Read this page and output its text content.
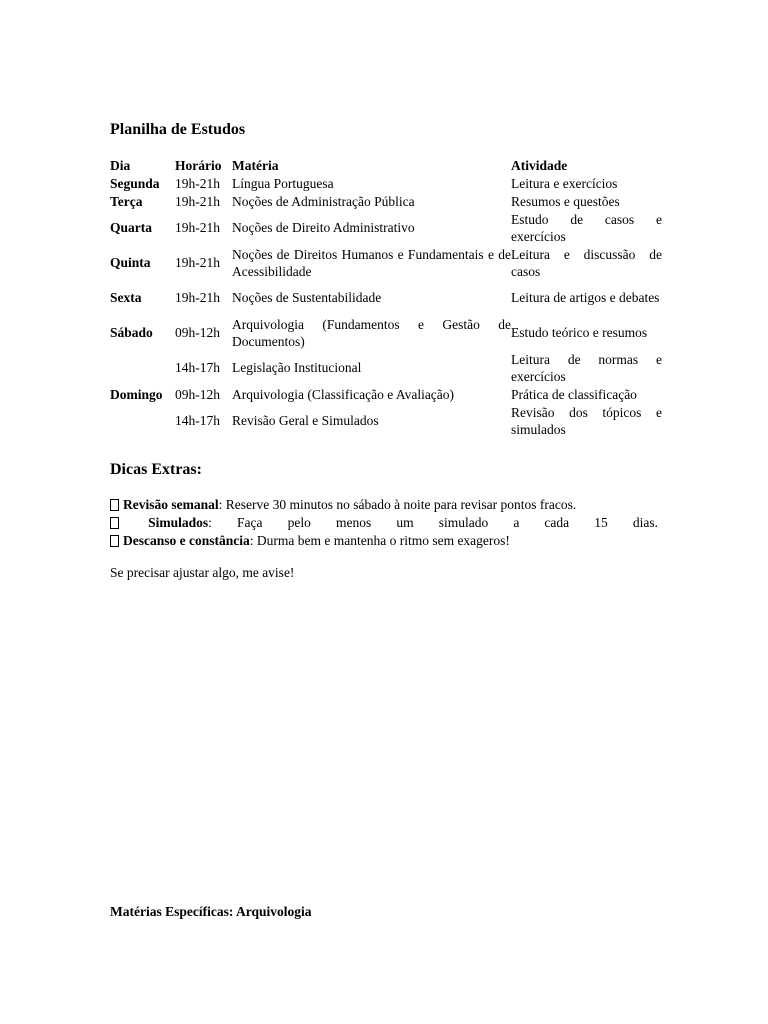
Planilha de Estudos
Dia	Horário	Matéria	Atividade
Segunda	19h-21h	Língua Portuguesa	Leitura e exercícios
Terça	19h-21h	Noções de Administração Pública	Resumos e questões
Quarta	19h-21h	Noções de Direito Administrativo	Estudo de casos e exercícios
Quinta	19h-21h	Noções de Direitos Humanos e Fundamentais e de Acessibilidade	Leitura e discussão de casos
Sexta	19h-21h	Noções de Sustentabilidade	Leitura de artigos e debates
Sábado	09h-12h	Arquivologia (Fundamentos e Gestão de Documentos)	Estudo teórico e resumos
	14h-17h	Legislação Institucional	Leitura de normas e exercícios
Domingo	09h-12h	Arquivologia (Classificação e Avaliação)	Prática de classificação
	14h-17h	Revisão Geral e Simulados	Revisão dos tópicos e simulados
Dicas Extras:
Revisão semanal: Reserve 30 minutos no sábado à noite para revisar pontos fracos.
Simulados: Faça pelo menos um simulado a cada 15 dias.
Descanso e constância: Durma bem e mantenha o ritmo sem exageros!
Se precisar ajustar algo, me avise!
Matérias Específicas: Arquivologia
